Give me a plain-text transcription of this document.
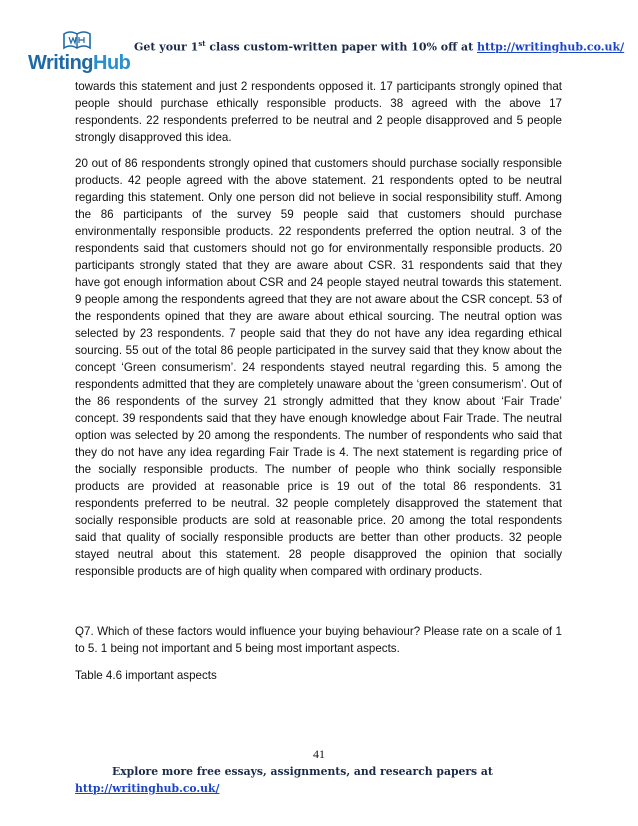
WritingHub
Get your 1st class custom-written paper with 10% off at http://writinghub.co.uk/

towards this statement and just 2 respondents opposed it. 17 participants strongly opined that people should purchase ethically responsible products. 38 agreed with the above 17 respondents. 22 respondents preferred to be neutral and 2 people disapproved and 5 people strongly disapproved this idea.

20 out of 86 respondents strongly opined that customers should purchase socially responsible products. 42 people agreed with the above statement. 21 respondents opted to be neutral regarding this statement. Only one person did not believe in social responsibility stuff. Among the 86 participants of the survey 59 people said that customers should purchase environmentally responsible products. 22 respondents preferred the option neutral. 3 of the respondents said that customers should not go for environmentally responsible products. 20 participants strongly stated that they are aware about CSR. 31 respondents said that they have got enough information about CSR and 24 people stayed neutral towards this statement. 9 people among the respondents agreed that they are not aware about the CSR concept. 53 of the respondents opined that they are aware about ethical sourcing. The neutral option was selected by 23 respondents. 7 people said that they do not have any idea regarding ethical sourcing. 55 out of the total 86 people participated in the survey said that they know about the concept ‘Green consumerism’. 24 respondents stayed neutral regarding this. 5 among the respondents admitted that they are completely unaware about the ‘green consumerism’. Out of the 86 respondents of the survey 21 strongly admitted that they know about ‘Fair Trade’ concept. 39 respondents said that they have enough knowledge about Fair Trade. The neutral option was selected by 20 among the respondents. The number of respondents who said that they do not have any idea regarding Fair Trade is 4. The next statement is regarding price of the socially responsible products. The number of people who think socially responsible products are provided at reasonable price is 19 out of the total 86 respondents. 31 respondents preferred to be neutral. 32 people completely disapproved the statement that socially responsible products are sold at reasonable price. 20 among the total respondents said that quality of socially responsible products are better than other products. 32 people stayed neutral about this statement. 28 people disapproved the opinion that socially responsible products are of high quality when compared with ordinary products.

Q7. Which of these factors would influence your buying behaviour? Please rate on a scale of 1 to 5. 1 being not important and 5 being most important aspects.

Table 4.6 important aspects

41
Explore more free essays, assignments, and research papers at
http://writinghub.co.uk/
